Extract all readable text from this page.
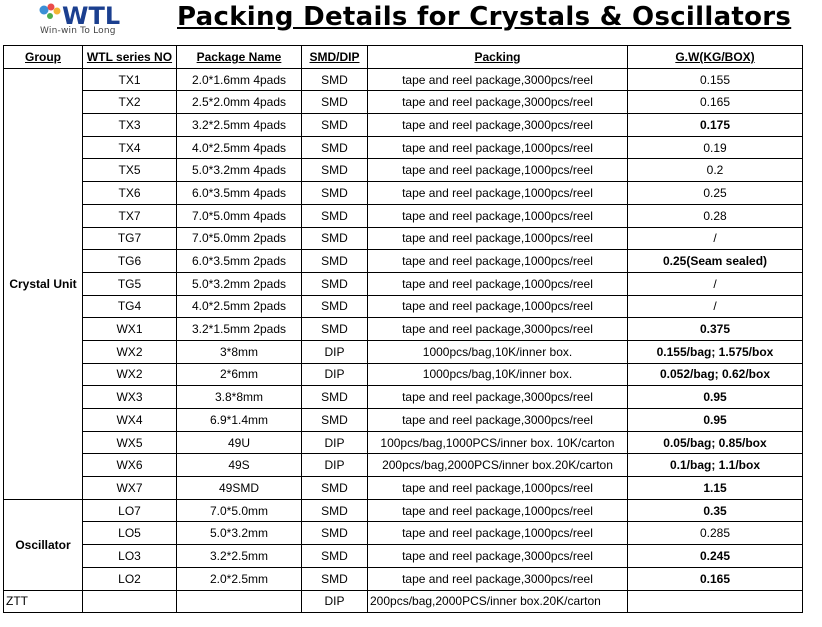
WTL
Win-win To Long Packing Details for Crystals & Oscillators
Group	WTL series NO	Package Name	SMD/DIP	Packing	G.W(KG/BOX)
Crystal Unit	TX1	2.0*1.6mm 4pads	SMD	tape and reel package,3000pcs/reel	0.155
	TX2	2.5*2.0mm 4pads	SMD	tape and reel package,3000pcs/reel	0.165
	TX3	3.2*2.5mm 4pads	SMD	tape and reel package,3000pcs/reel	0.175
	TX4	4.0*2.5mm 4pads	SMD	tape and reel package,1000pcs/reel	0.19
	TX5	5.0*3.2mm 4pads	SMD	tape and reel package,1000pcs/reel	0.2
	TX6	6.0*3.5mm 4pads	SMD	tape and reel package,1000pcs/reel	0.25
	TX7	7.0*5.0mm 4pads	SMD	tape and reel package,1000pcs/reel	0.28
	TG7	7.0*5.0mm 2pads	SMD	tape and reel package,1000pcs/reel	/
	TG6	6.0*3.5mm 2pads	SMD	tape and reel package,1000pcs/reel	0.25(Seam sealed)
	TG5	5.0*3.2mm 2pads	SMD	tape and reel package,1000pcs/reel	/
	TG4	4.0*2.5mm 2pads	SMD	tape and reel package,1000pcs/reel	/
	WX1	3.2*1.5mm 2pads	SMD	tape and reel package,3000pcs/reel	0.375
	WX2	3*8mm	DIP	1000pcs/bag,10K/inner box.	0.155/bag; 1.575/box
	WX2	2*6mm	DIP	1000pcs/bag,10K/inner box.	0.052/bag; 0.62/box
	WX3	3.8*8mm	SMD	tape and reel package,3000pcs/reel	0.95
	WX4	6.9*1.4mm	SMD	tape and reel package,3000pcs/reel	0.95
	WX5	49U	DIP	100pcs/bag,1000PCS/inner box. 10K/carton	0.05/bag; 0.85/box
	WX6	49S	DIP	200pcs/bag,2000PCS/inner box.20K/carton	0.1/bag; 1.1/box
	WX7	49SMD	SMD	tape and reel package,1000pcs/reel	1.15
Oscillator	LO7	7.0*5.0mm	SMD	tape and reel package,1000pcs/reel	0.35
	LO5	5.0*3.2mm	SMD	tape and reel package,1000pcs/reel	0.285
	LO3	3.2*2.5mm	SMD	tape and reel package,3000pcs/reel	0.245
	LO2	2.0*2.5mm	SMD	tape and reel package,3000pcs/reel	0.165
ZTT			DIP	200pcs/bag,2000PCS/inner box.20K/carton	
